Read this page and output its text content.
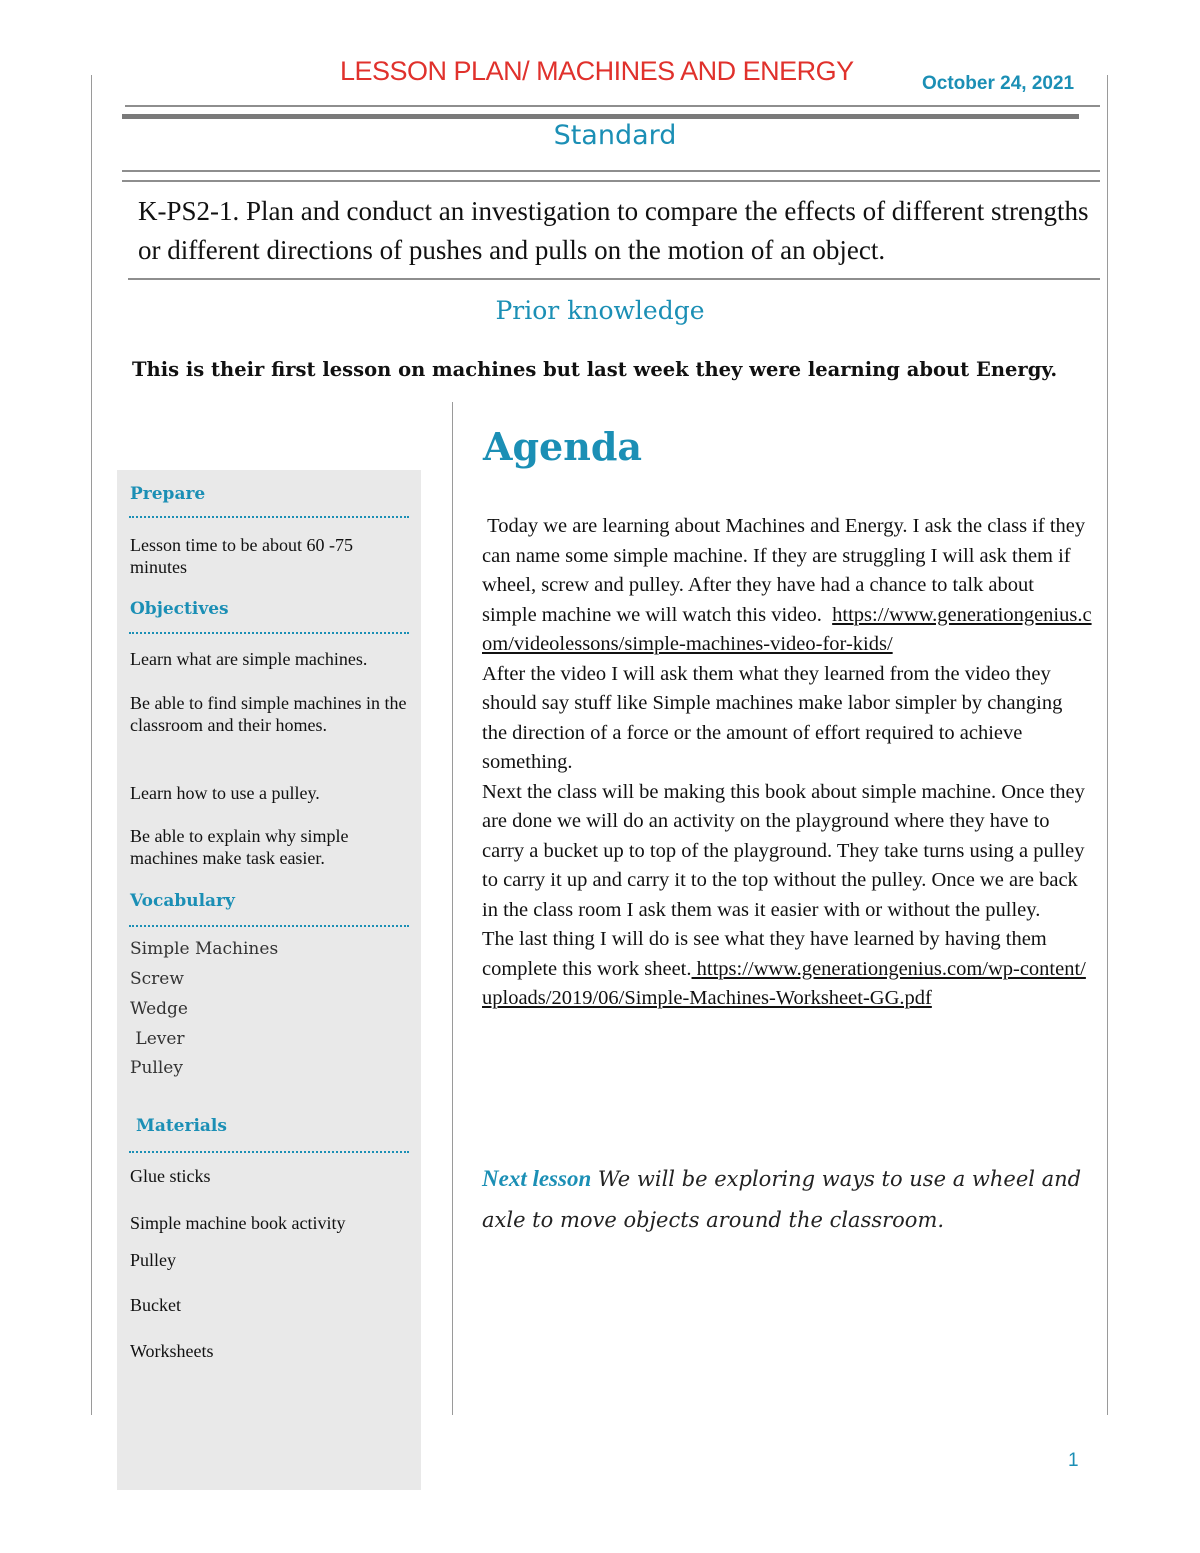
LESSON PLAN/ MACHINES AND ENERGY	October 24, 2021
Standard
K-PS2-1. Plan and conduct an investigation to compare the effects of different strengths or different directions of pushes and pulls on the motion of an object.
Prior knowledge
This is their first lesson on machines but last week they were learning about Energy.
Prepare
Lesson time to be about 60 -75 minutes
Objectives
Learn what are simple machines.
Be able to find simple machines in the classroom and their homes.
Learn how to use a pulley.
Be able to explain why simple machines make task easier.
Vocabulary
Simple Machines
Screw
Wedge
Lever
Pulley
Materials
Glue sticks
Simple machine book activity
Pulley
Bucket
Worksheets
Agenda

Today we are learning about Machines and Energy. I ask the class if they can name some simple machine. If they are struggling I will ask them if wheel, screw and pulley. After they have had a chance to talk about simple machine we will watch this video.  https://www.generationgenius.com/videolessons/simple-machines-video-for-kids/

After the video I will ask them what they learned from the video they should say stuff like Simple machines make labor simpler by changing the direction of a force or the amount of effort required to achieve something.

Next the class will be making this book about simple machine. Once they are done we will do an activity on the playground where they have to carry a bucket up to top of the playground. They take turns using a pulley to carry it up and carry it to the top without the pulley. Once we are back in the class room I ask them was it easier with or without the pulley.

The last thing I will do is see what they have learned by having them complete this work sheet. https://www.generationgenius.com/wp-content/uploads/2019/06/Simple-Machines-Worksheet-GG.pdf

Next lesson We will be exploring ways to use a wheel and axle to move objects around the classroom.
1
